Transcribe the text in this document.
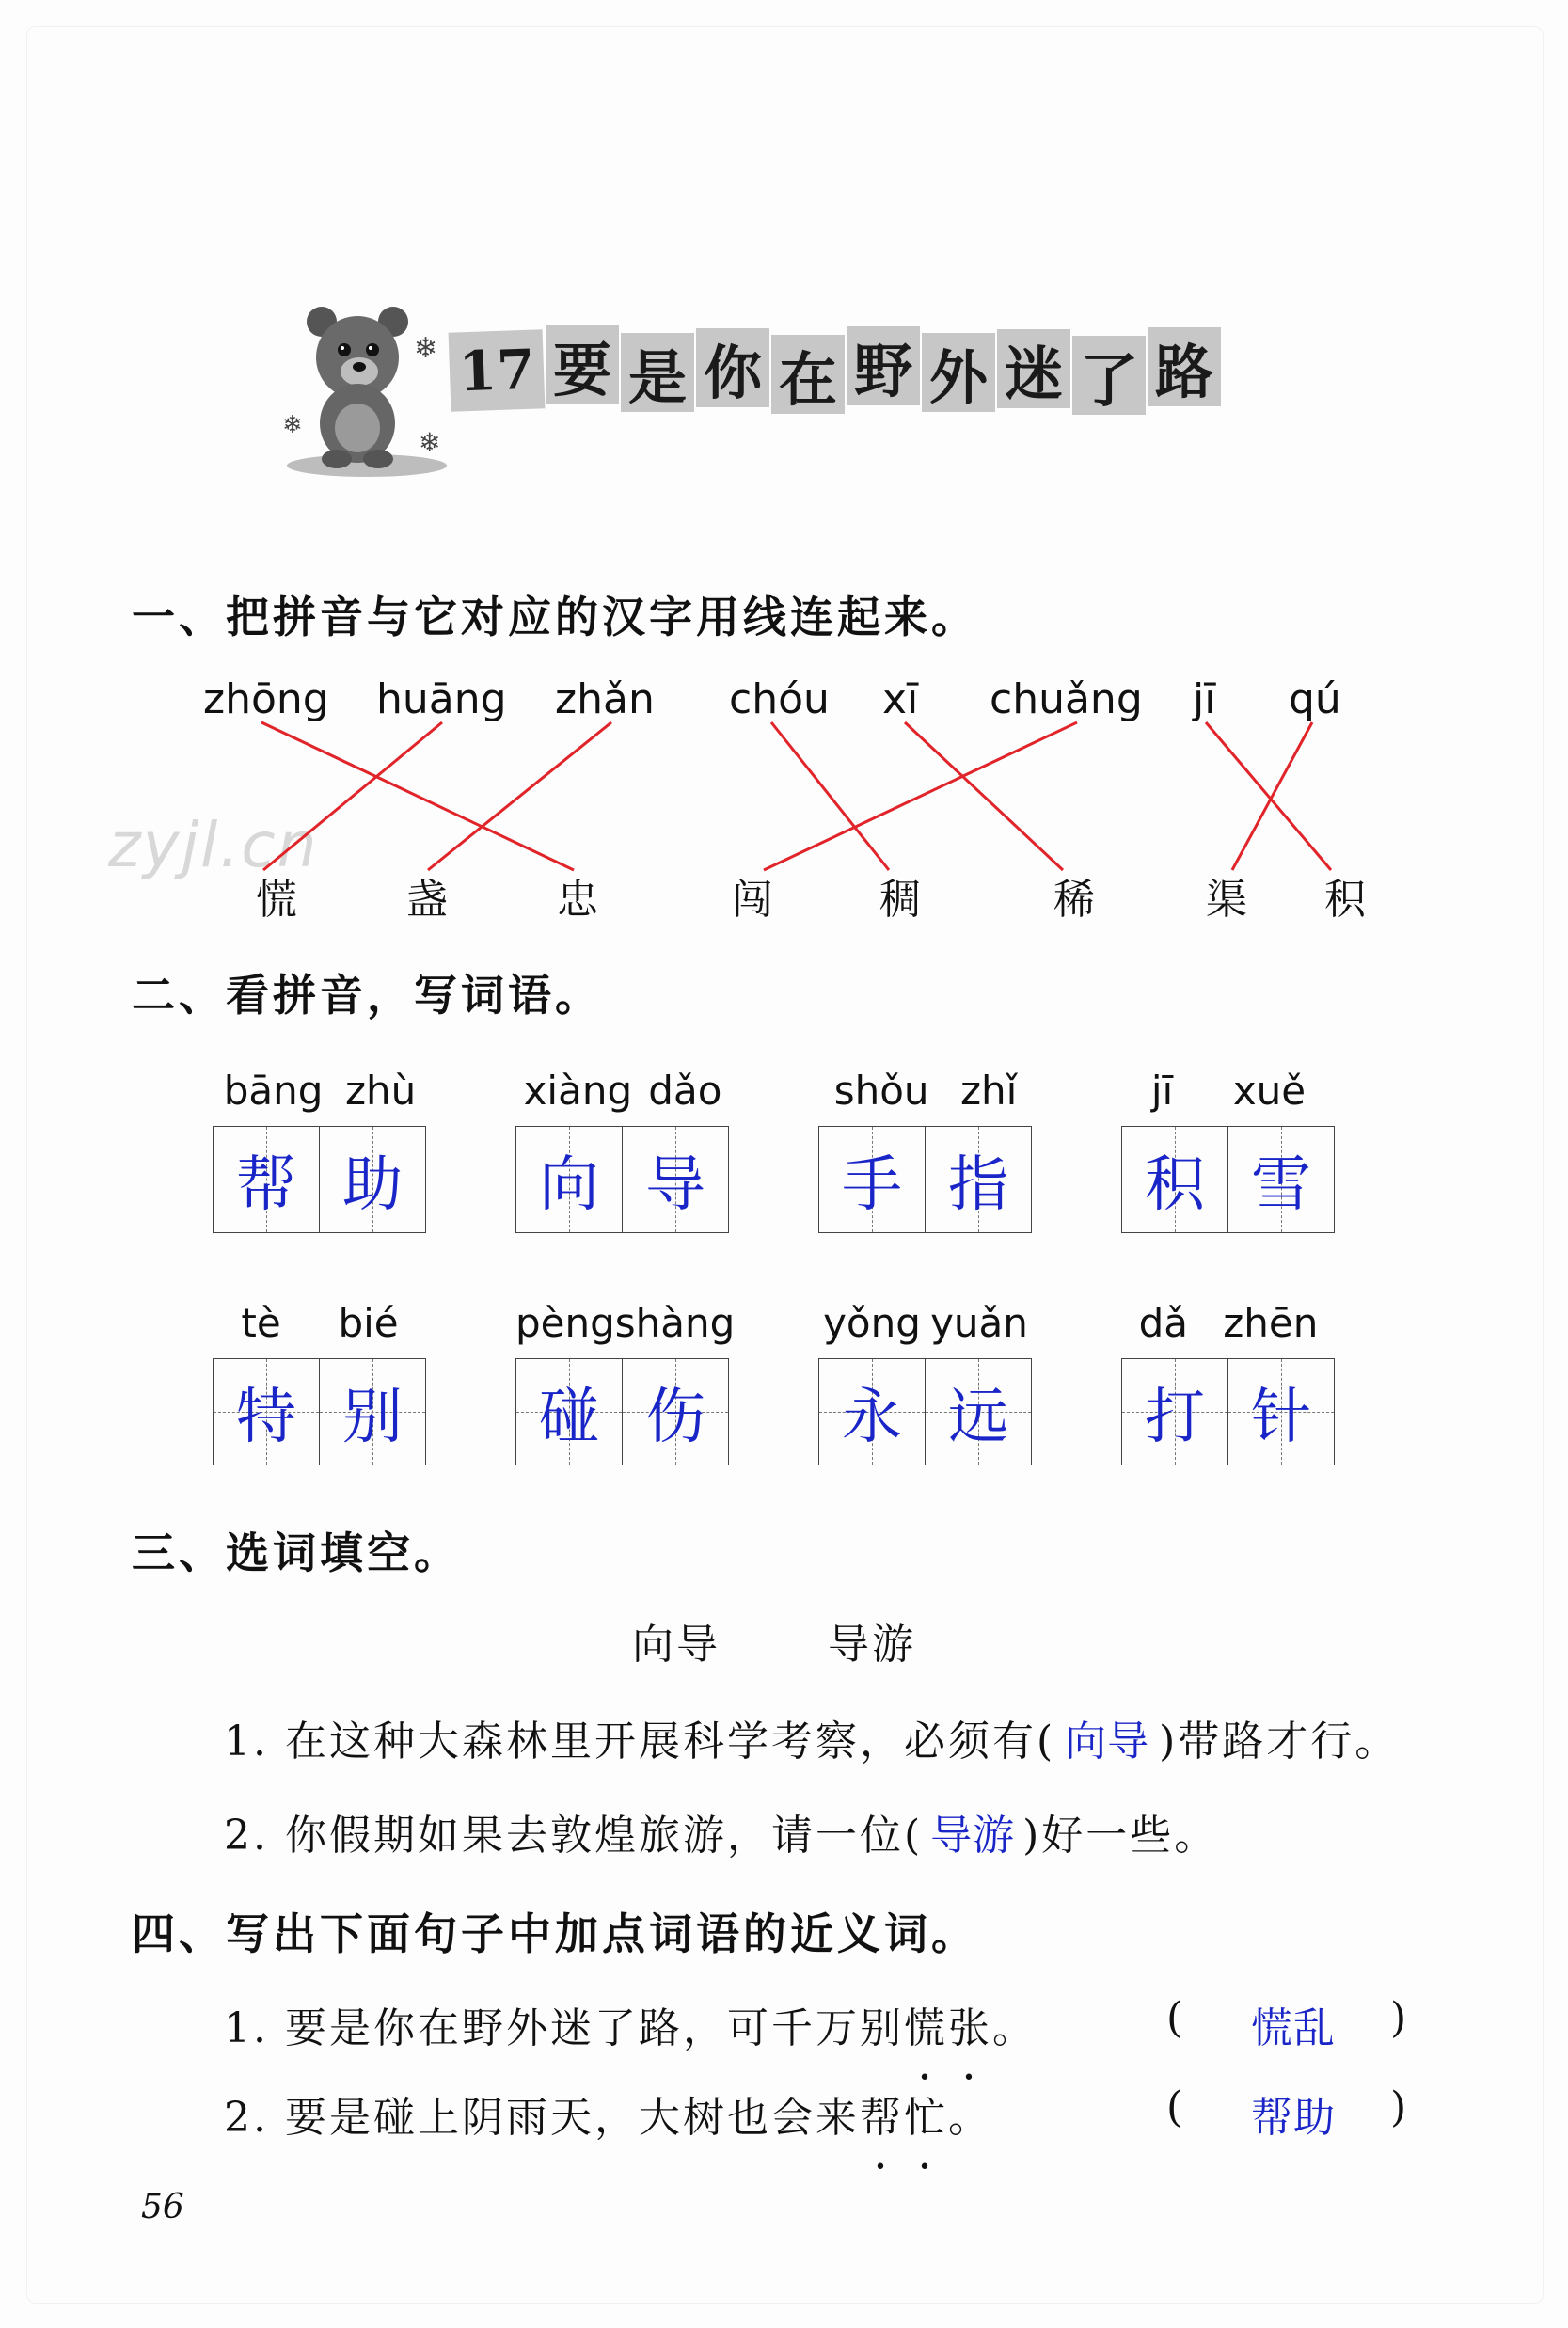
❄
❄
❄
17 要 是 你 在 野 外 迷 了 路
一、把拼音与它对应的汉字用线连起来。
zhōng huāng zhǎn chóu xī chuǎng jī qú
zyjl.cn
慌	盏	忠	闯	稠	稀	渠 积
二、看拼音，写词语。
bāng zhù
帮 助
xiàng dǎo
向 导
shǒu zhǐ
手 指
jī xuě
积 雪
tè bié
特 别
pèng shàng
碰 伤
yǒng yuǎn
永 远
dǎ zhēn
打 针
三、选词填空。
向导	导游
1. 在这种大森林里开展科学考察，必须有( 向导 )带路才行。
2. 你假期如果去敦煌旅游，请一位( 导游 )好一些。
四、写出下面句子中加点词语的近义词。
1. 要是你在野外迷了路，可千万别慌张。	( 慌乱 )
2. 要是碰上阴雨天，大树也会来帮忙。	( 帮助 )
56
